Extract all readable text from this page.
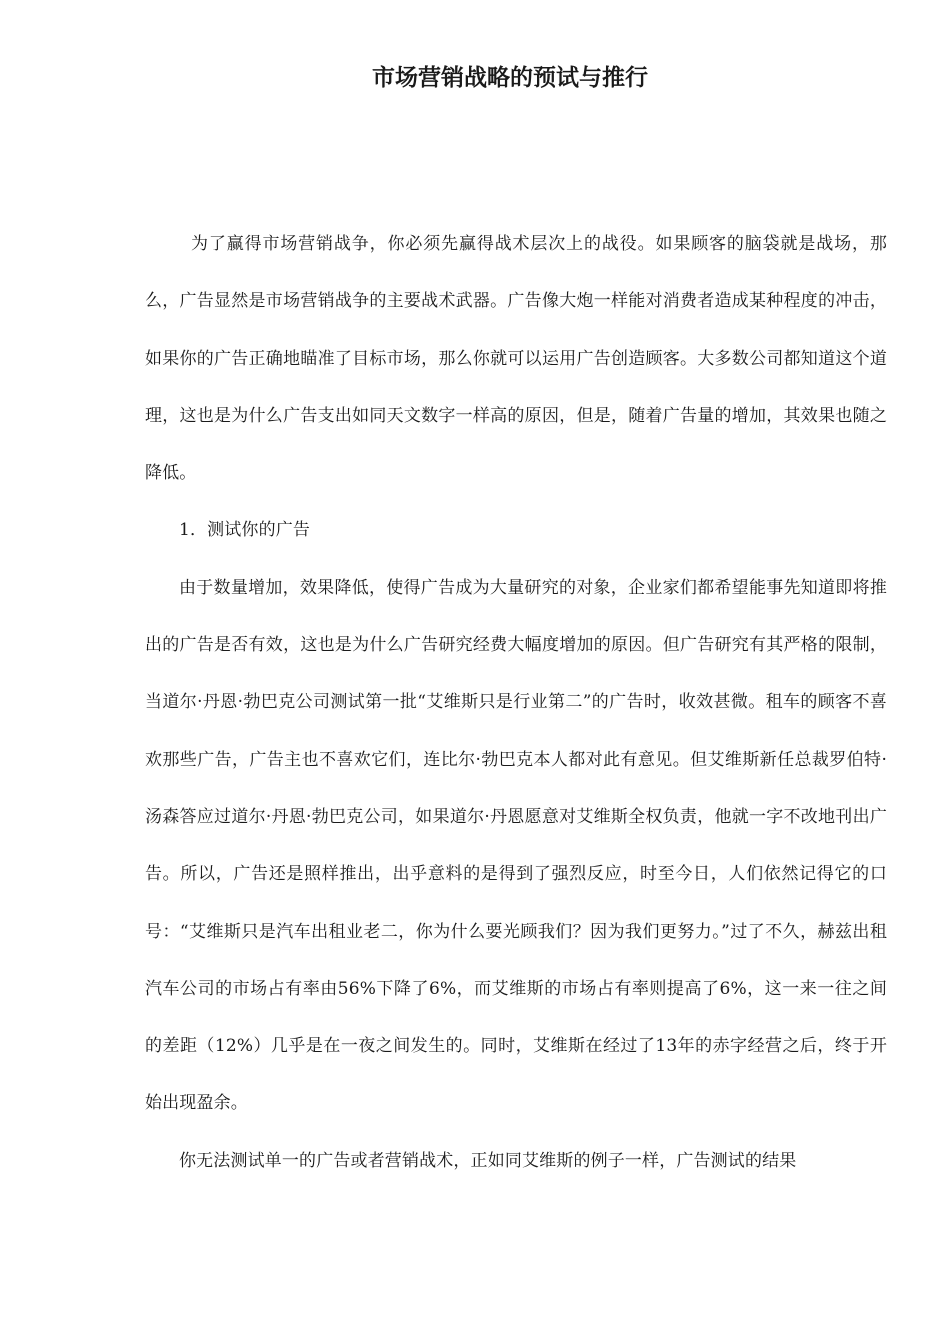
市场营销战略的预试与推行

为了赢得市场营销战争，你必须先赢得战术层次上的战役。如果顾客的脑袋就是战场，那么，广告显然是市场营销战争的主要战术武器。广告像大炮一样能对消费者造成某种程度的冲击，如果你的广告正确地瞄准了目标市场，那么你就可以运用广告创造顾客。大多数公司都知道这个道理，这也是为什么广告支出如同天文数字一样高的原因，但是，随着广告量的增加，其效果也随之降低。

1．测试你的广告

由于数量增加，效果降低，使得广告成为大量研究的对象，企业家们都希望能事先知道即将推出的广告是否有效，这也是为什么广告研究经费大幅度增加的原因。但广告研究有其严格的限制，当道尔·丹恩·勃巴克公司测试第一批“艾维斯只是行业第二”的广告时，收效甚微。租车的顾客不喜欢那些广告，广告主也不喜欢它们，连比尔·勃巴克本人都对此有意见。但艾维斯新任总裁罗伯特·汤森答应过道尔·丹恩·勃巴克公司，如果道尔·丹恩愿意对艾维斯全权负责，他就一字不改地刊出广告。所以，广告还是照样推出，出乎意料的是得到了强烈反应，时至今日，人们依然记得它的口号：“艾维斯只是汽车出租业老二，你为什么要光顾我们？因为我们更努力。”过了不久，赫兹出租汽车公司的市场占有率由56%下降了6%，而艾维斯的市场占有率则提高了6%，这一来一往之间的差距（12%）几乎是在一夜之间发生的。同时，艾维斯在经过了13年的赤字经营之后，终于开始出现盈余。

你无法测试单一的广告或者营销战术，正如同艾维斯的例子一样，广告测试的结果
